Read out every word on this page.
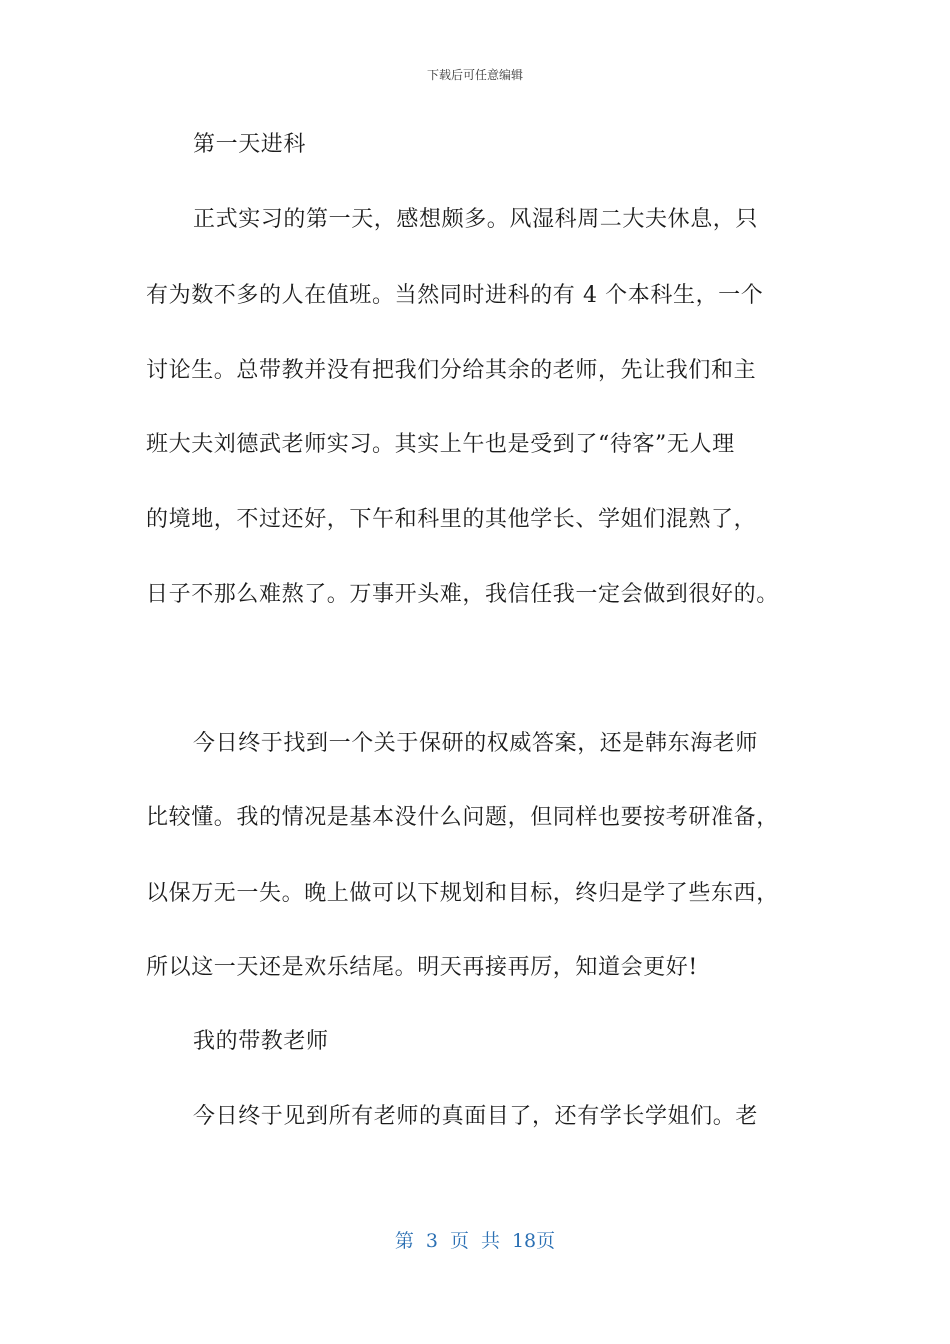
下载后可任意编辑
第一天进科
正式实习的第一天，感想颇多。风湿科周二大夫休息，只
有为数不多的人在值班。当然同时进科的有 4 个本科生，一个
讨论生。总带教并没有把我们分给其余的老师，先让我们和主
班大夫刘德武老师实习。其实上午也是受到了“待客”无人理
的境地，不过还好，下午和科里的其他学长、学姐们混熟了，
日子不那么难熬了。万事开头难，我信任我一定会做到很好的。
今日终于找到一个关于保研的权威答案，还是韩东海老师
比较懂。我的情况是基本没什么问题，但同样也要按考研准备，
以保万无一失。晚上做可以下规划和目标，终归是学了些东西，
所以这一天还是欢乐结尾。明天再接再厉，知道会更好!
我的带教老师
今日终于见到所有老师的真面目了，还有学长学姐们。老
第 3 页 共 18页
